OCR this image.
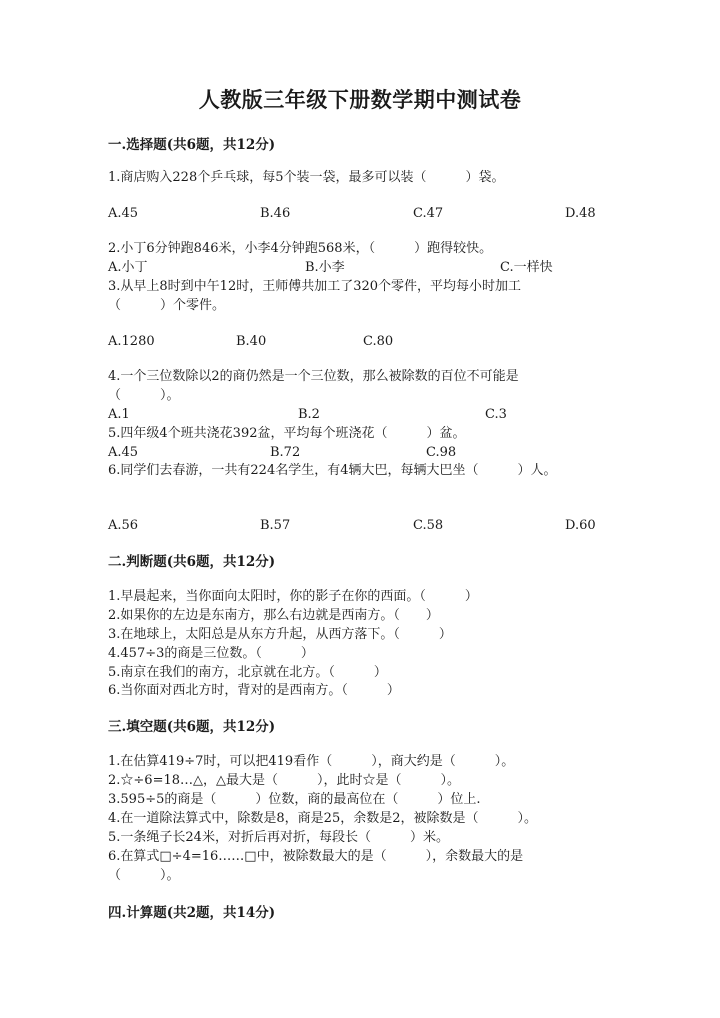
人教版三年级下册数学期中测试卷
一.选择题(共6题，共12分)
1.商店购入228个乒乓球，每5个装一袋，最多可以装（　　　）袋。
A.45	B.46	C.47	D.48
2.小丁6分钟跑846米，小李4分钟跑568米，（　　　）跑得较快。
A.小丁	B.小李	C.一样快
3.从早上8时到中午12时，王师傅共加工了320个零件，平均每小时加工
（　　　）个零件。
A.1280	B.40	C.80
4.一个三位数除以2的商仍然是一个三位数，那么被除数的百位不可能是
（　　　）。
A.1	B.2	C.3
5.四年级4个班共浇花392盆，平均每个班浇花（　　　）盆。
A.45	B.72	C.98
6.同学们去春游，一共有224名学生，有4辆大巴，每辆大巴坐（　　　）人。
A.56	B.57	C.58	D.60
二.判断题(共6题，共12分)
1.早晨起来，当你面向太阳时，你的影子在你的西面。（　　　）
2.如果你的左边是东南方，那么右边就是西南方。（　　）
3.在地球上，太阳总是从东方升起，从西方落下。（　　　）
4.457÷3的商是三位数。（　　　）
5.南京在我们的南方，北京就在北方。（　　　）
6.当你面对西北方时，背对的是西南方。（　　　）
三.填空题(共6题，共12分)
1.在估算419÷7时，可以把419看作（　　　），商大约是（　　　）。
2.☆÷6=18…△，△最大是（　　　），此时☆是（　　　）。
3.595÷5的商是（　　　）位数，商的最高位在（　　　）位上.
4.在一道除法算式中，除数是8，商是25，余数是2，被除数是（　　　）。
5.一条绳子长24米，对折后再对折，每段长（　　　）米。
6.在算式□÷4=16……□中，被除数最大的是（　　　），余数最大的是
（　　　）。
四.计算题(共2题，共14分)
